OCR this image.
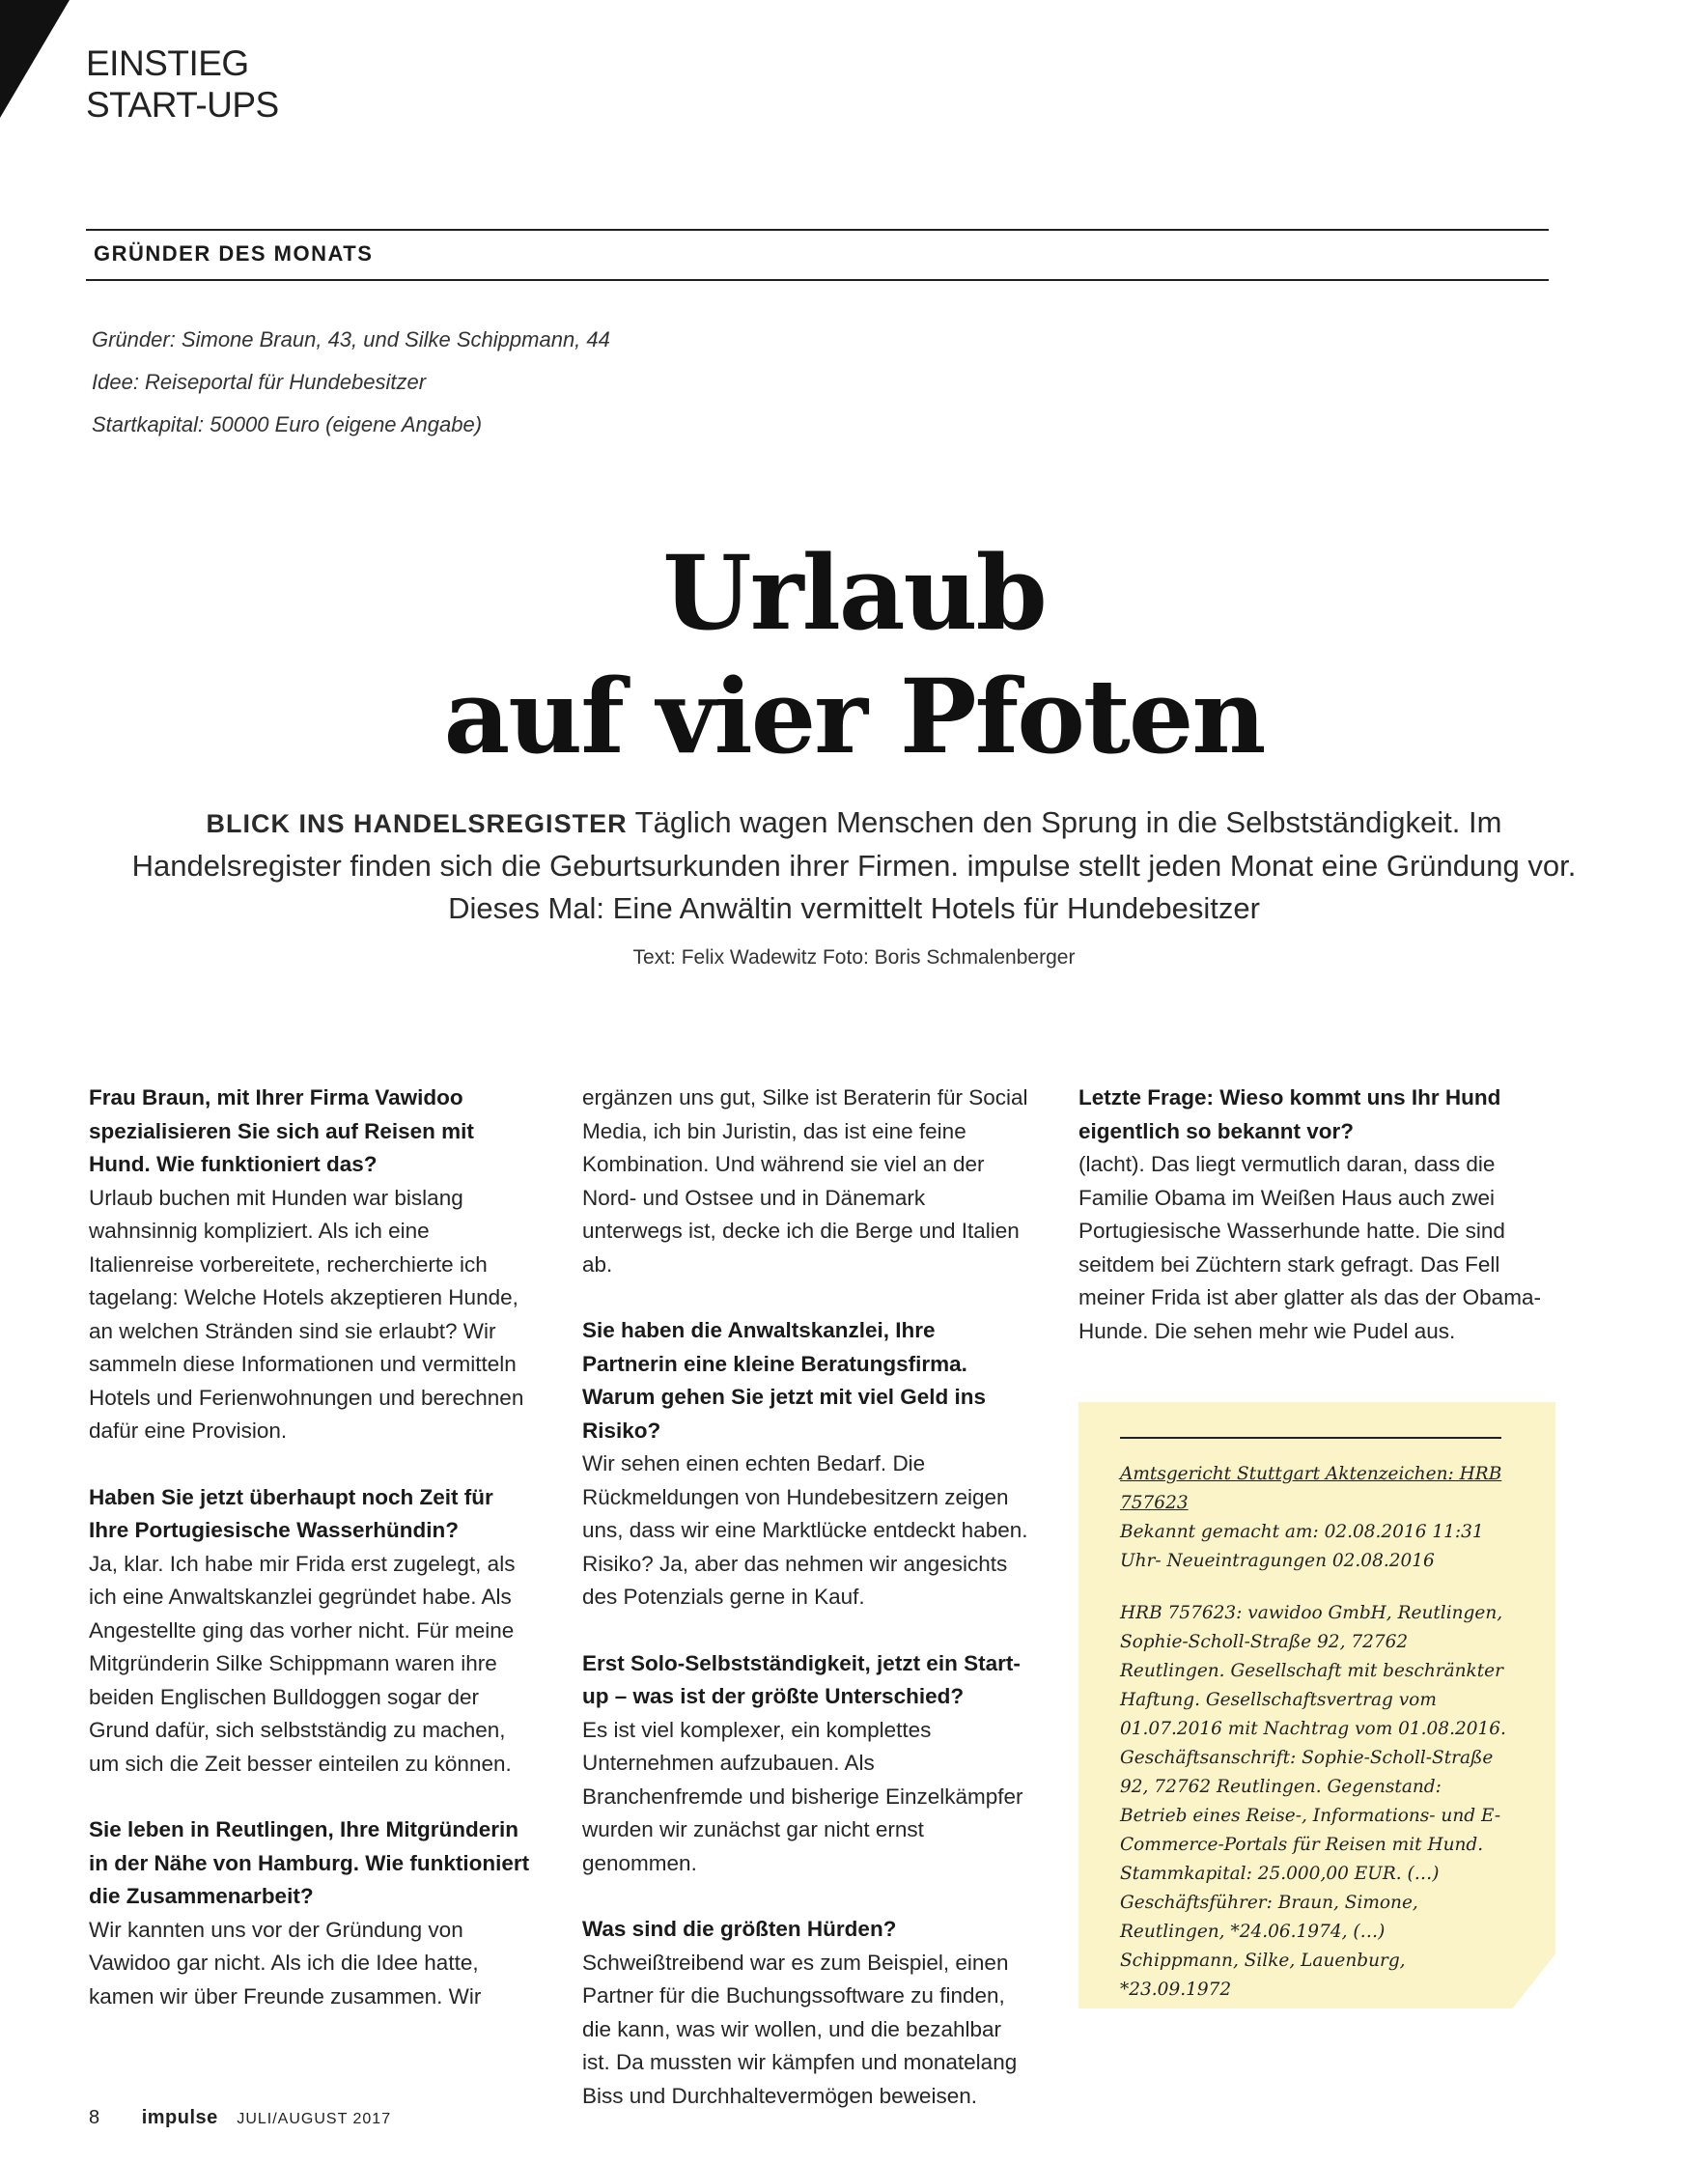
EINSTIEG
START-UPS
GRÜNDER DES MONATS
Gründer: Simone Braun, 43, und Silke Schippmann, 44
Idee: Reiseportal für Hundebesitzer
Startkapital: 50000 Euro (eigene Angabe)
Urlaub
auf vier Pfoten
BLICK INS HANDELSREGISTER Täglich wagen Menschen den Sprung in die Selbstständigkeit. Im Handelsregister finden sich die Geburtsurkunden ihrer Firmen. impulse stellt jeden Monat eine Gründung vor. Dieses Mal: Eine Anwältin vermittelt Hotels für Hundebesitzer
Text: Felix Wadewitz Foto: Boris Schmalenberger

Frau Braun, mit Ihrer Firma Vawidoo spezialisieren Sie sich auf Reisen mit Hund. Wie funktioniert das?
Urlaub buchen mit Hunden war bislang wahnsinnig kompliziert. Als ich eine Italienreise vorbereitete, recherchierte ich tagelang: Welche Hotels akzeptieren Hunde, an welchen Stränden sind sie erlaubt? Wir sammeln diese Informationen und vermitteln Hotels und Ferienwohnungen und berechnen dafür eine Provision.

Haben Sie jetzt überhaupt noch Zeit für Ihre Portugiesische Wasserhündin?
Ja, klar. Ich habe mir Frida erst zugelegt, als ich eine Anwaltskanzlei gegründet habe. Als Angestellte ging das vorher nicht. Für meine Mitgründerin Silke Schippmann waren ihre beiden Englischen Bulldoggen sogar der Grund dafür, sich selbstständig zu machen, um sich die Zeit besser einteilen zu können.

Sie leben in Reutlingen, Ihre Mitgründerin in der Nähe von Hamburg. Wie funktioniert die Zusammenarbeit?
Wir kannten uns vor der Gründung von Vawidoo gar nicht. Als ich die Idee hatte, kamen wir über Freunde zusammen. Wir

ergänzen uns gut, Silke ist Beraterin für Social Media, ich bin Juristin, das ist eine feine Kombination. Und während sie viel an der Nord- und Ostsee und in Dänemark unterwegs ist, decke ich die Berge und Italien ab.

Sie haben die Anwaltskanzlei, Ihre Partnerin eine kleine Beratungsfirma. Warum gehen Sie jetzt mit viel Geld ins Risiko?
Wir sehen einen echten Bedarf. Die Rückmeldungen von Hundebesitzern zeigen uns, dass wir eine Marktlücke entdeckt haben. Risiko? Ja, aber das nehmen wir angesichts des Potenzials gerne in Kauf.

Erst Solo-Selbstständigkeit, jetzt ein Start-up – was ist der größte Unterschied?
Es ist viel komplexer, ein komplettes Unternehmen aufzubauen. Als Branchenfremde und bisherige Einzelkämpfer wurden wir zunächst gar nicht ernst genommen.

Was sind die größten Hürden?
Schweißtreibend war es zum Beispiel, einen Partner für die Buchungssoftware zu finden, die kann, was wir wollen, und die bezahlbar ist. Da mussten wir kämpfen und monatelang Biss und Durchhaltevermögen beweisen.

Letzte Frage: Wieso kommt uns Ihr Hund eigentlich so bekannt vor?
(lacht). Das liegt vermutlich daran, dass die Familie Obama im Weißen Haus auch zwei Portugiesische Wasserhunde hatte. Die sind seitdem bei Züchtern stark gefragt. Das Fell meiner Frida ist aber glatter als das der Obama-Hunde. Die sehen mehr wie Pudel aus.

Amtsgericht Stuttgart Aktenzeichen: HRB 757623
Bekannt gemacht am: 02.08.2016 11:31 Uhr- Neueintragungen 02.08.2016

HRB 757623: vawidoo GmbH, Reutlingen, Sophie-Scholl-Straße 92, 72762 Reutlingen. Gesellschaft mit beschränkter Haftung. Gesellschaftsvertrag vom 01.07.2016 mit Nachtrag vom 01.08.2016. Geschäftsanschrift: Sophie-Scholl-Straße 92, 72762 Reutlingen. Gegenstand: Betrieb eines Reise-, Informations- und E-Commerce-Portals für Reisen mit Hund. Stammkapital: 25.000,00 EUR. (…) Geschäftsführer: Braun, Simone, Reutlingen, *24.06.1974, (…) Schippmann, Silke, Lauenburg, *23.09.1972

8 impulse JULI/AUGUST 2017
